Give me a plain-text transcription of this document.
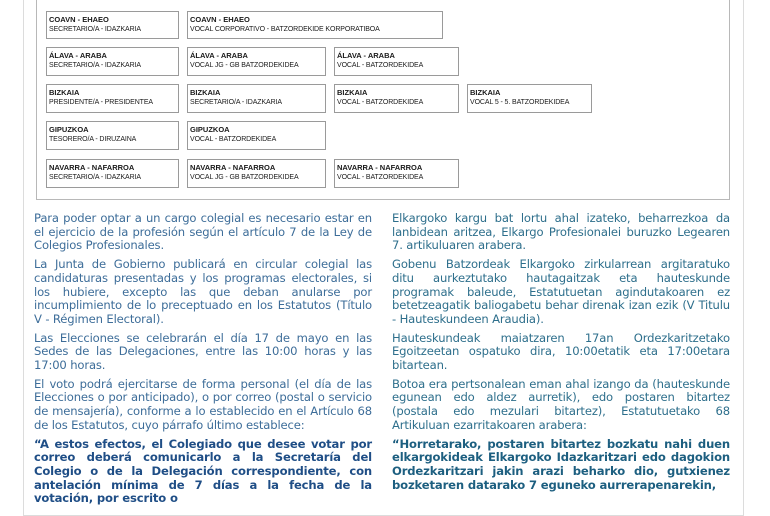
COAVN - EHAEO
SECRETARIO/A - IDAZKARIA
COAVN - EHAEO
VOCAL CORPORATIVO - BATZORDEKIDE KORPORATIBOA
ÁLAVA - ARABA
SECRETARIO/A - IDAZKARIA
ÁLAVA - ARABA
VOCAL JG - GB BATZORDEKIDEA
ÁLAVA - ARABA
VOCAL - BATZORDEKIDEA
BIZKAIA
PRESIDENTE/A - PRESIDENTEA
BIZKAIA
SECRETARIO/A - IDAZKARIA
BIZKAIA
VOCAL - BATZORDEKIDEA
BIZKAIA
VOCAL 5 - 5. BATZORDEKIDEA
GIPUZKOA
TESORERO/A - DIRUZAINA
GIPUZKOA
VOCAL - BATZORDEKIDEA
NAVARRA - NAFARROA
SECRETARIO/A - IDAZKARIA
NAVARRA - NAFARROA
VOCAL JG - GB BATZORDEKIDEA
NAVARRA - NAFARROA
VOCAL - BATZORDEKIDEA

Para poder optar a un cargo colegial es necesario estar en el ejercicio de la profesión según el artículo 7 de la Ley de Colegios Profesionales.

La Junta de Gobierno publicará en circular colegial las candidaturas presentadas y los programas electorales, si los hubiere, excepto las que deban anularse por incumplimiento de lo preceptuado en los Estatutos (Título V - Régimen Electoral).

Las Elecciones se celebrarán el día 17 de mayo en las Sedes de las Delegaciones, entre las 10:00 horas y las 17:00 horas.

El voto podrá ejercitarse de forma personal (el día de las Elecciones o por anticipado), o por correo (postal o servicio de mensajería), conforme a lo establecido en el Artículo 68 de los Estatutos, cuyo párrafo último establece:

“A estos efectos, el Colegiado que desee votar por correo deberá comunicarlo a la Secretaría del Colegio o de la Delegación correspondiente, con antelación mínima de 7 días a la fecha de la votación, por escrito o

Elkargoko kargu bat lortu ahal izateko, beharrezkoa da lanbidean aritzea, Elkargo Profesionalei buruzko Legearen 7. artikuluaren arabera.

Gobenu Batzordeak Elkargoko zirkularrean argitaratuko ditu aurkeztutako hautagaitzak eta hauteskunde programak baleude, Estatutuetan agindutakoaren ez betetzeagatik baliogabetu behar direnak izan ezik (V Titulu - Hauteskundeen Araudia).

Hauteskundeak maiatzaren 17an Ordezkaritzetako Egoitzeetan ospatuko dira, 10:00etatik eta 17:00etara bitartean.

Botoa era pertsonalean eman ahal izango da (hauteskunde egunean edo aldez aurretik), edo postaren bitartez (postala edo mezulari bitartez), Estatutuetako 68 Artikuluan ezarritakoaren arabera:

“Horretarako, postaren bitartez bozkatu nahi duen elkargokideak Elkargoko Idazkaritzari edo dagokion Ordezkaritzari jakin arazi beharko dio, gutxienez bozketaren datarako 7 eguneko aurrerapenarekin,
